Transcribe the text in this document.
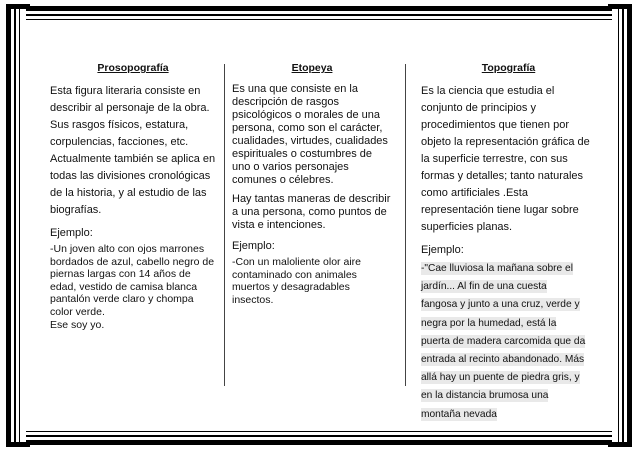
Prosopografía

Esta figura literaria consiste en describir al personaje de la obra. Sus rasgos físicos, estatura, corpulencias, facciones, etc. Actualmente también se aplica en todas las divisiones cronológicas de la historia, y al estudio de las biografías.

Ejemplo:

-Un joven alto con ojos marrones bordados de azul, cabello negro de piernas largas con 14 años de edad, vestido de camisa blanca pantalón verde claro y chompa color verde.

Ese soy yo.

Etopeya

Es una que consiste en la descripción de rasgos psicológicos o morales de una persona, como son el carácter, cualidades, virtudes, cualidades espirituales o costumbres de uno o varios personajes comunes o célebres.

Hay tantas maneras de describir a una persona, como puntos de vista e intenciones.

Ejemplo:

-Con un maloliente olor aire contaminado con animales muertos y desagradables insectos.

Topografía

Es la ciencia que estudia el conjunto de principios y procedimientos que tienen por objeto la representación gráfica de la superficie terrestre, con sus formas y detalles; tanto naturales como artificiales .Esta representación tiene lugar sobre superficies planas.

Ejemplo:
-"Cae lluviosa la mañana sobre el
jardín... Al fin de una cuesta
fangosa y junto a una cruz, verde y
negra por la humedad, está la
puerta de madera carcomida que da
entrada al recinto abandonado. Más
allá hay un puente de piedra gris, y
en la distancia brumosa una
montaña nevada
